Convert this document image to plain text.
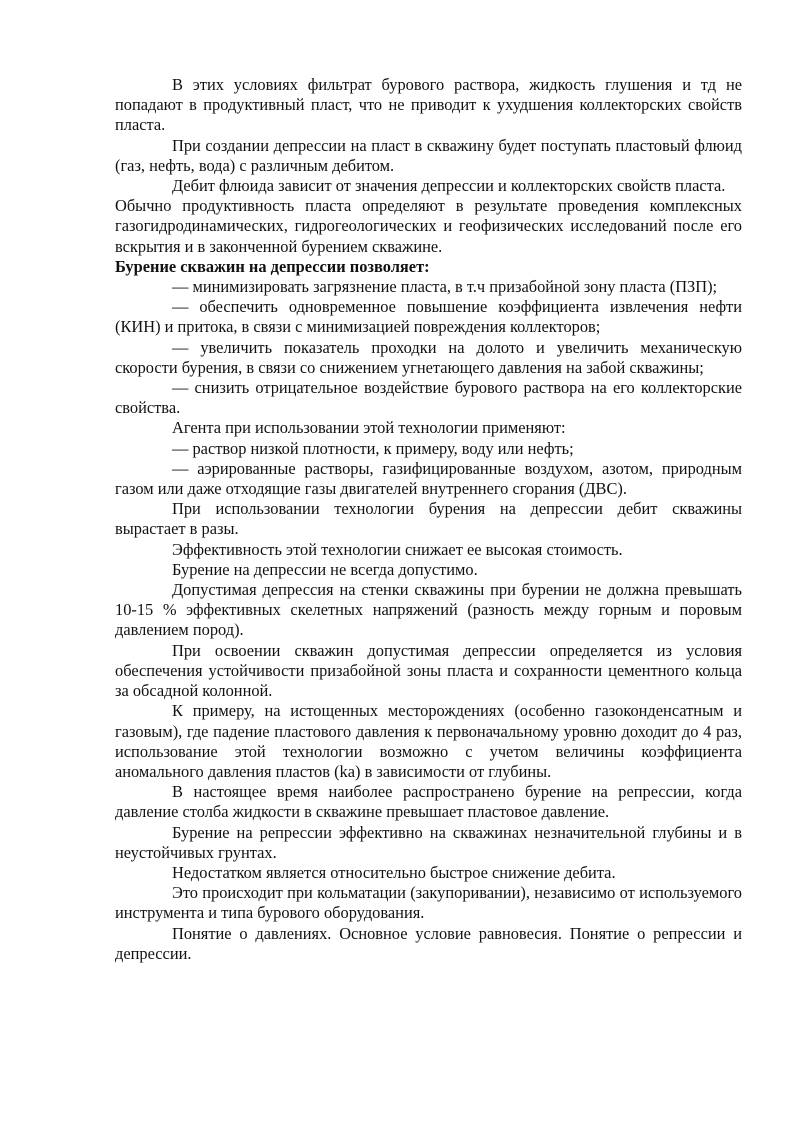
В этих условиях фильтрат бурового раствора, жидкость глушения и тд не попадают в продуктивный пласт, что не приводит к ухудшения коллекторских свойств пласта.

При создании депрессии на пласт в скважину будет поступать пластовый флюид (газ, нефть, вода) с различным дебитом.

Дебит флюида зависит от значения депрессии и коллекторских свойств пласта.

Обычно продуктивность пласта определяют в результате проведения комплексных газогидродинамических, гидрогеологических и геофизических исследований после его вскрытия и в законченной бурением скважине.

Бурение скважин на депрессии позволяет:

— минимизировать загрязнение пласта, в т.ч призабойной зону пласта (ПЗП);

— обеспечить одновременное повышение коэффициента извлечения нефти (КИН) и притока, в связи с минимизацией повреждения коллекторов;

— увеличить показатель проходки на долото и увеличить механическую скорости бурения, в связи со снижением угнетающего давления на забой скважины;

— снизить отрицательное воздействие бурового раствора на его коллекторские свойства.

Агента при использовании этой технологии применяют:

— раствор низкой плотности, к примеру, воду или нефть;

— аэрированные растворы, газифицированные воздухом, азотом, природным газом или даже отходящие газы двигателей внутреннего сгорания (ДВС).

При использовании технологии бурения на депрессии дебит скважины вырастает в разы.

Эффективность этой технологии снижает ее высокая стоимость.

Бурение на депрессии не всегда допустимо.

Допустимая депрессия на стенки скважины при бурении не должна превышать 10-15 % эффективных скелетных напряжений (разность между горным и поровым давлением пород).

При освоении скважин допустимая депрессии определяется из условия обеспечения устойчивости призабойной зоны пласта и сохранности цементного кольца за обсадной колонной.

К примеру, на истощенных месторождениях (особенно газоконденсатным и газовым), где падение пластового давления к первоначальному уровню доходит до 4 раз, использование этой технологии возможно с учетом величины коэффициента аномального давления пластов (ka) в зависимости от глубины.

В настоящее время наиболее распространено бурение на репрессии, когда давление столба жидкости в скважине превышает пластовое давление.

Бурение на репрессии эффективно на скважинах незначительной глубины и в неустойчивых грунтах.

Недостатком является относительно быстрое снижение дебита.

Это происходит при кольматации (закупоривании), независимо от используемого инструмента и типа бурового оборудования.

Понятие о давлениях. Основное условие равновесия. Понятие о репрессии и депрессии.
